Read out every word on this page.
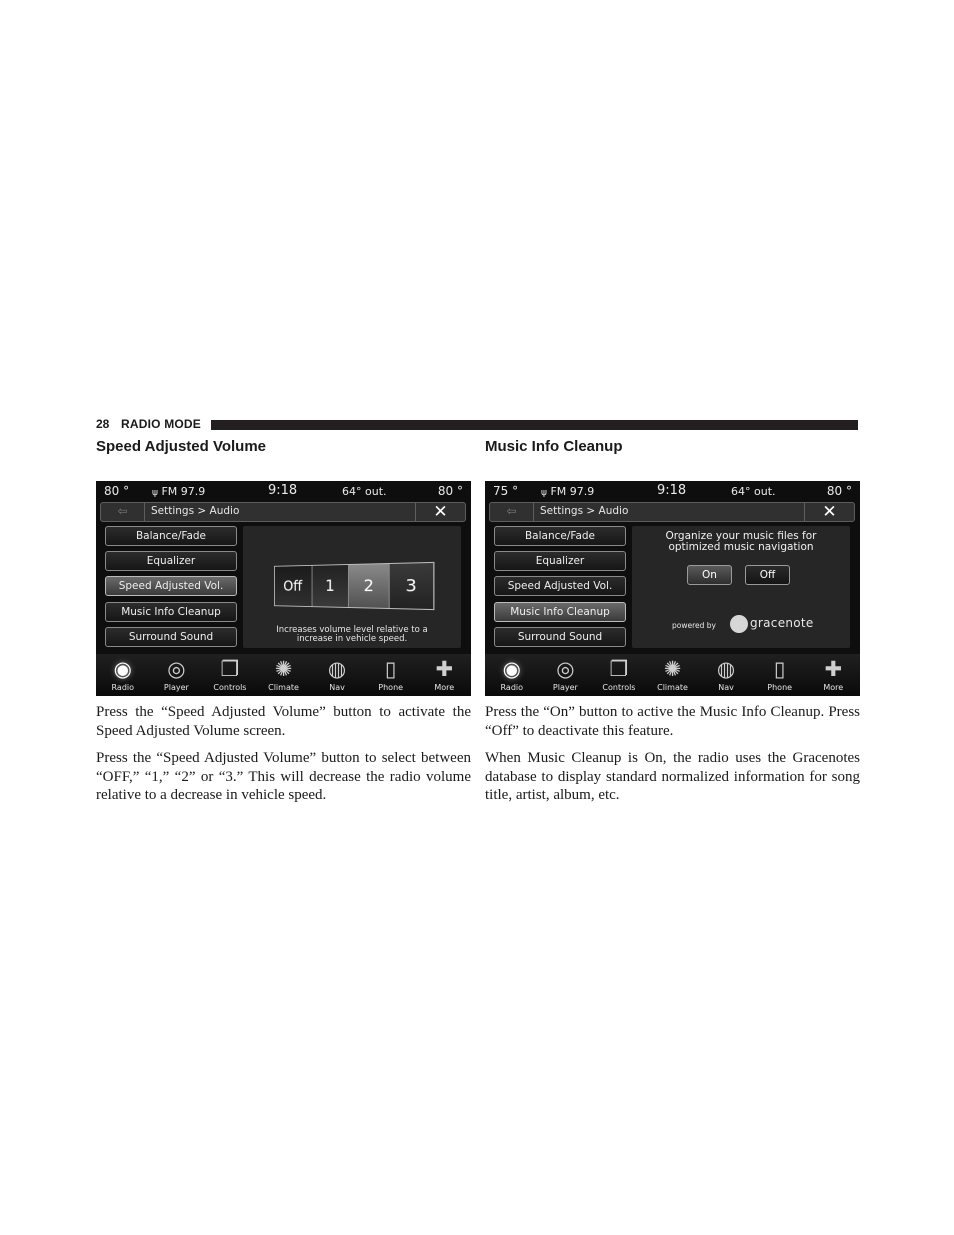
28 RADIO MODE
Speed Adjusted Volume
80 °	ψ FM 97.9	9:18	64° out.	80 °
⇦	Settings > Audio	✕
Balance/Fade
Equalizer
Speed Adjusted Vol.
Music Info Cleanup
Surround Sound
Off	1	2	3
Increases volume level relative to a
increase in vehicle speed.
◉
Radio
◎
Player
❐
Controls
✺
Climate
◍
Nav
▯
Phone
✚
More

Press the “Speed Adjusted Volume” button to activate the Speed Adjusted Volume screen.

Press the “Speed Adjusted Volume” button to select between “OFF,” “1,” “2” or “3.” This will decrease the radio volume relative to a decrease in vehicle speed.

Music Info Cleanup
75 °	ψ FM 97.9	9:18	64° out.	80 °
⇦	Settings > Audio	✕
Balance/Fade
Equalizer
Speed Adjusted Vol.
Music Info Cleanup
Surround Sound
Organize your music files for
optimized music navigation
On	Off
powered by	gracenote
◉
Radio
◎
Player
❐
Controls
✺
Climate
◍
Nav
▯
Phone
✚
More

Press the “On” button to active the Music Info Cleanup. Press “Off” to deactivate this feature.

When Music Cleanup is On, the radio uses the Gracenotes database to display standard normalized information for song title, artist, album, etc.
